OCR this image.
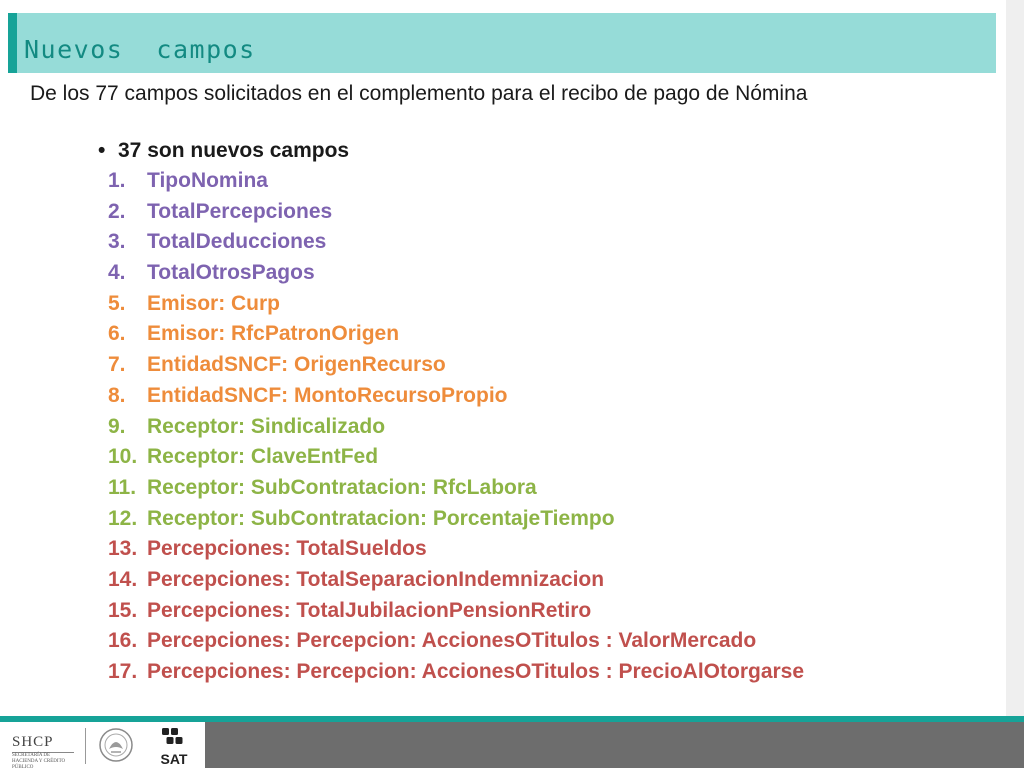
Nuevos  campos
De los 77 campos solicitados en el complemento para el recibo de pago de Nómina
• 37 son nuevos campos
1. TipoNomina
2. TotalPercepciones
3. TotalDeducciones
4. TotalOtrosPagos
5. Emisor: Curp
6. Emisor: RfcPatronOrigen
7. EntidadSNCF: OrigenRecurso
8. EntidadSNCF: MontoRecursoPropio
9. Receptor: Sindicalizado
10. Receptor: ClaveEntFed
11. Receptor: SubContratacion: RfcLabora
12. Receptor: SubContratacion: PorcentajeTiempo
13. Percepciones: TotalSueldos
14. Percepciones: TotalSeparacionIndemnizacion
15. Percepciones: TotalJubilacionPensionRetiro
16. Percepciones: Percepcion: AccionesOTitulos : ValorMercado
17. Percepciones: Percepcion: AccionesOTitulos : PrecioAlOtorgarse
SHCP
SECRETARÍA DE HACIENDA Y CRÉDITO PÚBLICO
SAT
